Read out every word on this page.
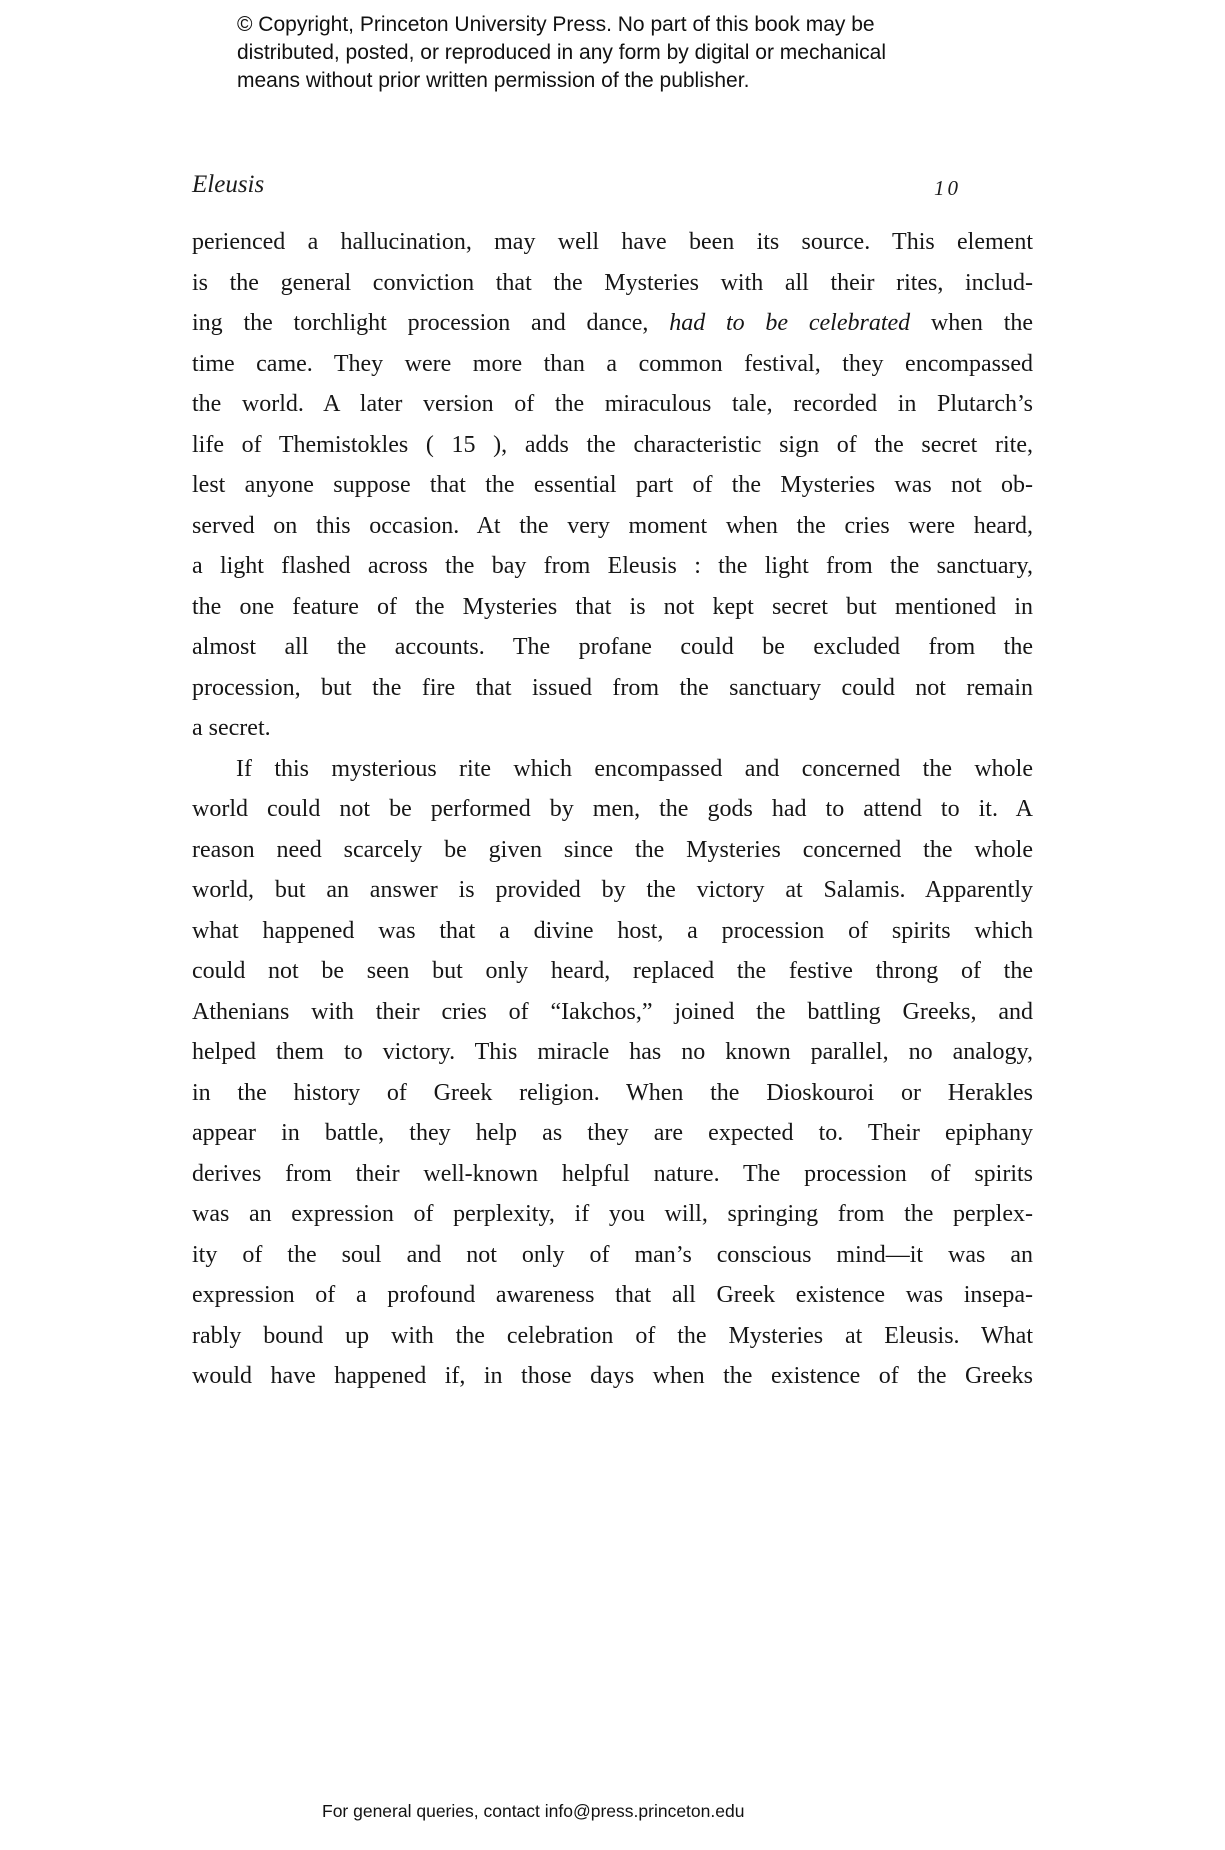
© Copyright, Princeton University Press. No part of this book may be
distributed, posted, or reproduced in any form by digital or mechanical
means without prior written permission of the publisher.
Eleusis	10
perienced a hallucination, may well have been its source. This element
is the general conviction that the Mysteries with all their rites, includ-
ing the torchlight procession and dance, had to be celebrated when the
time came. They were more than a common festival, they encompassed
the world. A later version of the miraculous tale, recorded in Plutarch’s
life of Themistokles ( 15 ), adds the characteristic sign of the secret rite,
lest anyone suppose that the essential part of the Mysteries was not ob-
served on this occasion. At the very moment when the cries were heard,
a light flashed across the bay from Eleusis : the light from the sanctuary,
the one feature of the Mysteries that is not kept secret but mentioned in
almost all the accounts. The profane could be excluded from the
procession, but the fire that issued from the sanctuary could not remain
a secret.
If this mysterious rite which encompassed and concerned the whole
world could not be performed by men, the gods had to attend to it. A
reason need scarcely be given since the Mysteries concerned the whole
world, but an answer is provided by the victory at Salamis. Apparently
what happened was that a divine host, a procession of spirits which
could not be seen but only heard, replaced the festive throng of the
Athenians with their cries of “Iakchos,” joined the battling Greeks, and
helped them to victory. This miracle has no known parallel, no analogy,
in the history of Greek religion. When the Dioskouroi or Herakles
appear in battle, they help as they are expected to. Their epiphany
derives from their well-known helpful nature. The procession of spirits
was an expression of perplexity, if you will, springing from the perplex-
ity of the soul and not only of man’s conscious mind—it was an
expression of a profound awareness that all Greek existence was insepa-
rably bound up with the celebration of the Mysteries at Eleusis. What
would have happened if, in those days when the existence of the Greeks
For general queries, contact info@press.princeton.edu
